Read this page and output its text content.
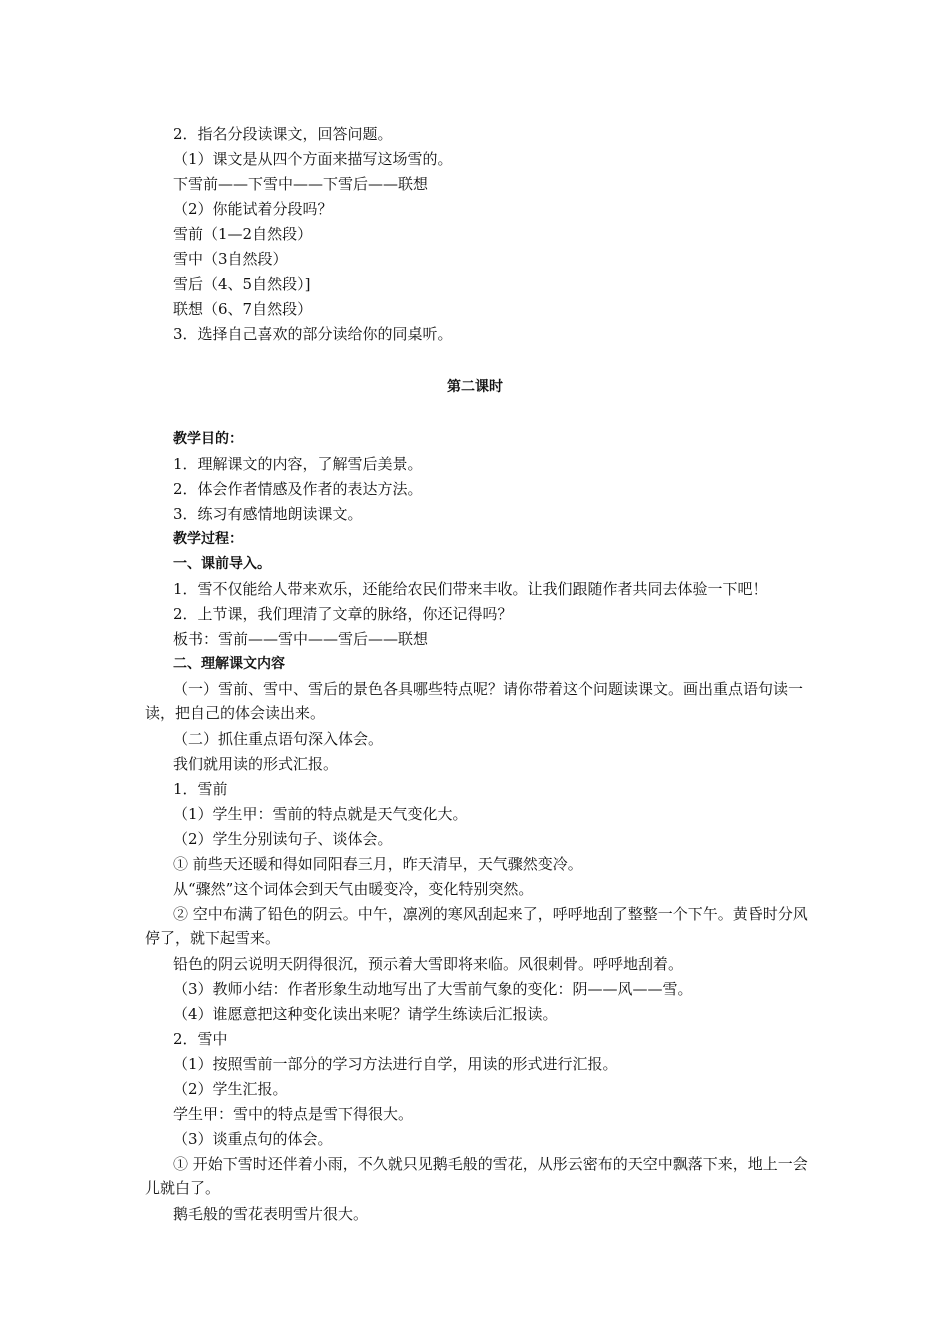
2．指名分段读课文，回答问题。
（1）课文是从四个方面来描写这场雪的。
下雪前——下雪中——下雪后——联想
（2）你能试着分段吗？
雪前（1—2自然段）
雪中（3自然段）
雪后（4、5自然段）]
联想（6、7自然段）
3．选择自己喜欢的部分读给你的同桌听。
第二课时
教学目的：
1．理解课文的内容，了解雪后美景。
2．体会作者情感及作者的表达方法。
3．练习有感情地朗读课文。
教学过程：
一、课前导入。
1．雪不仅能给人带来欢乐，还能给农民们带来丰收。让我们跟随作者共同去体验一下吧！
2．上节课，我们理清了文章的脉络，你还记得吗？
板书：雪前——雪中——雪后——联想
二、理解课文内容
（一）雪前、雪中、雪后的景色各具哪些特点呢？请你带着这个问题读课文。画出重点语句读一读，把自己的体会读出来。
（二）抓住重点语句深入体会。
我们就用读的形式汇报。
1．雪前
（1）学生甲：雪前的特点就是天气变化大。
（2）学生分别读句子、谈体会。
① 前些天还暖和得如同阳春三月，昨天清早，天气骤然变冷。
从“骤然”这个词体会到天气由暖变冷，变化特别突然。
② 空中布满了铅色的阴云。中午，凛冽的寒风刮起来了，呼呼地刮了整整一个下午。黄昏时分风停了，就下起雪来。
铅色的阴云说明天阴得很沉，预示着大雪即将来临。风很刺骨。呼呼地刮着。
（3）教师小结：作者形象生动地写出了大雪前气象的变化：阴——风——雪。
（4）谁愿意把这种变化读出来呢？请学生练读后汇报读。
2．雪中
（1）按照雪前一部分的学习方法进行自学，用读的形式进行汇报。
（2）学生汇报。
学生甲：雪中的特点是雪下得很大。
（3）谈重点句的体会。
① 开始下雪时还伴着小雨，不久就只见鹅毛般的雪花，从彤云密布的天空中飘落下来，地上一会儿就白了。
鹅毛般的雪花表明雪片很大。
